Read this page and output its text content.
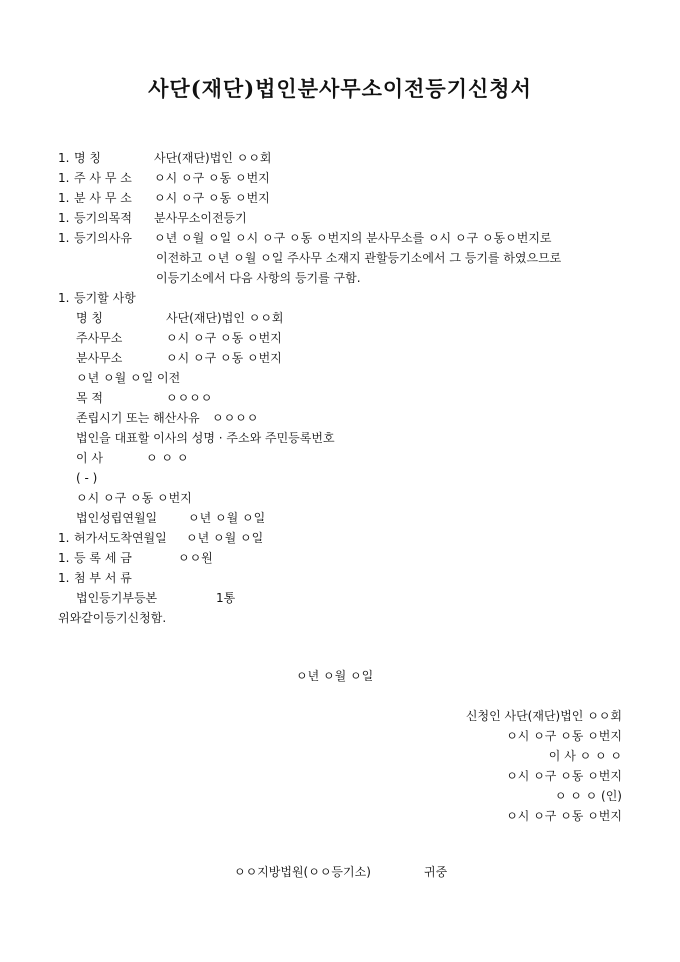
사단(재단)법인분사무소이전등기신청서
1. 명 칭	사단(재단)법인 ㅇㅇ회
1. 주 사 무 소 ㅇ시 ㅇ구 ㅇ동 ㅇ번지
1. 분 사 무 소 ㅇ시 ㅇ구 ㅇ동 ㅇ번지
1. 등기의목적 분사무소이전등기
1. 등기의사유 ㅇ년 ㅇ월 ㅇ일 ㅇ시 ㅇ구 ㅇ동 ㅇ번지의 분사무소를 ㅇ시 ㅇ구 ㅇ동ㅇ번지로
이전하고 ㅇ년 ㅇ월 ㅇ일 주사무 소재지 관할등기소에서 그 등기를 하였으므로
이등기소에서 다음 사항의 등기를 구함.
1. 등기할 사항
명 칭	사단(재단)법인 ㅇㅇ회
주사무소	ㅇ시 ㅇ구 ㅇ동 ㅇ번지
분사무소	ㅇ시 ㅇ구 ㅇ동 ㅇ번지
ㅇ년 ㅇ월 ㅇ일 이전
목 적	ㅇㅇㅇㅇ
존립시기 또는 해산사유 ㅇㅇㅇㅇ
법인을 대표할 이사의 성명 · 주소와 주민등록번호
이 사	ㅇ ㅇ ㅇ
( - )
ㅇ시 ㅇ구 ㅇ동 ㅇ번지
법인성립연월일	ㅇ년 ㅇ월 ㅇ일
1. 허가서도착연월일 ㅇ년 ㅇ월 ㅇ일
1. 등 록 세 금	ㅇㅇ원
1. 첨 부 서 류
법인등기부등본	1통
위와같이등기신청함.
ㅇ년 ㅇ월 ㅇ일
신청인 사단(재단)법인 ㅇㅇ회
ㅇ시 ㅇ구 ㅇ동 ㅇ번지
이 사 ㅇ ㅇ ㅇ
ㅇ시 ㅇ구 ㅇ동 ㅇ번지
ㅇ ㅇ ㅇ (인)
ㅇ시 ㅇ구 ㅇ동 ㅇ번지
ㅇㅇ지방법원(ㅇㅇ등기소)	귀중
